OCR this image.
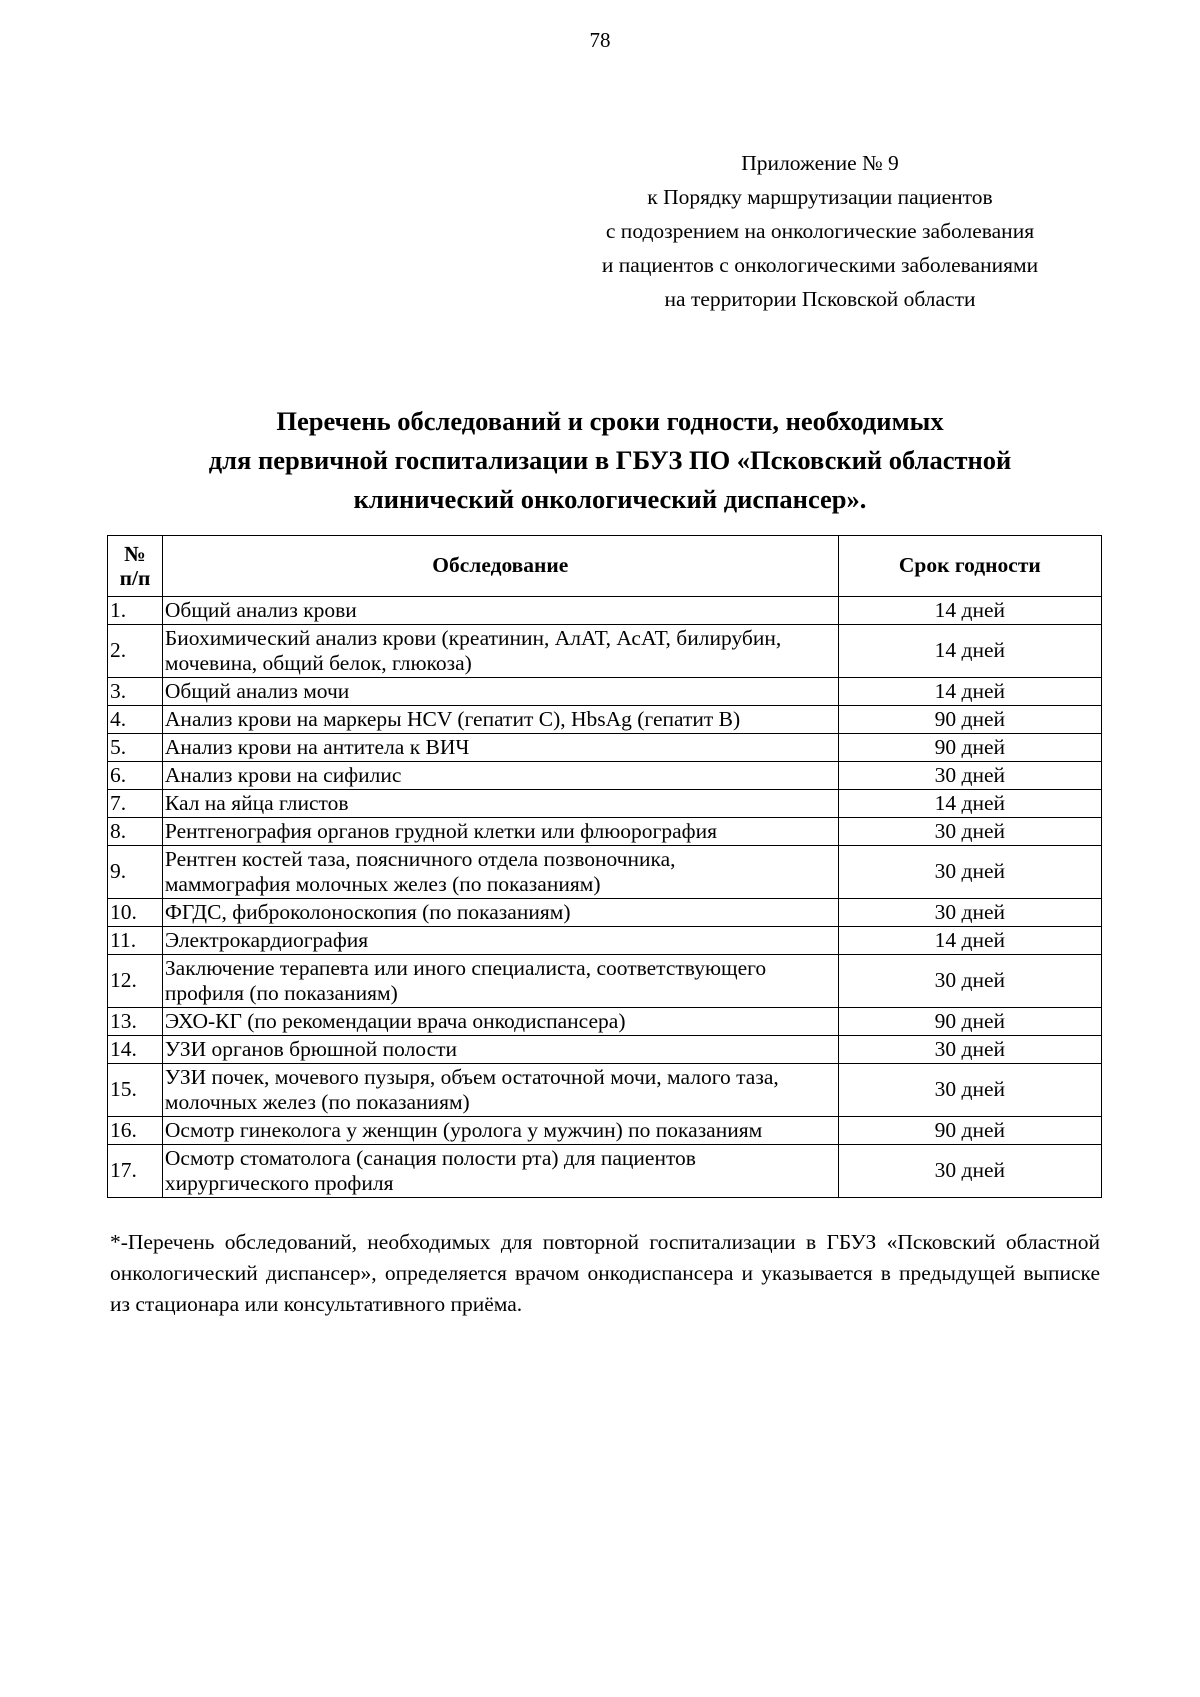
78
Приложение № 9
к Порядку маршрутизации пациентов
с подозрением на онкологические заболевания
и пациентов с онкологическими заболеваниями
на территории Псковской области
Перечень обследований и сроки годности, необходимых
для первичной госпитализации в ГБУЗ ПО «Псковский областной
клинический онкологический диспансер».
№
п/п	Обследование	Срок годности
1.	Общий анализ крови	14 дней
2.	Биохимический анализ крови (креатинин, АлАТ, АсАТ, билирубин,
мочевина, общий белок, глюкоза)	14 дней
3.	Общий анализ мочи	14 дней
4.	Анализ крови на маркеры HCV (гепатит С), HbsAg (гепатит В)	90 дней
5.	Анализ крови на антитела к ВИЧ	90 дней
6.	Анализ крови на сифилис	30 дней
7.	Кал на яйца глистов	14 дней
8.	Рентгенография органов грудной клетки или флюорография	30 дней
9.	Рентген костей таза, поясничного отдела позвоночника,
маммография молочных желез (по показаниям)	30 дней
10.	ФГДС, фиброколоноскопия (по показаниям)	30 дней
11.	Электрокардиография	14 дней
12.	Заключение терапевта или иного специалиста, соответствующего
профиля (по показаниям)	30 дней
13.	ЭХО-КГ (по рекомендации врача онкодиспансера)	90 дней
14.	УЗИ органов брюшной полости	30 дней
15.	УЗИ почек, мочевого пузыря, объем остаточной мочи, малого таза,
молочных желез (по показаниям)	30 дней
16.	Осмотр гинеколога у женщин (уролога у мужчин) по показаниям	90 дней
17.	Осмотр стоматолога (санация полости рта) для пациентов
хирургического профиля	30 дней
*-Перечень обследований, необходимых для повторной госпитализации в ГБУЗ «Псковский областной онкологический диспансер», определяется врачом онкодиспансера и указывается в предыдущей выписке из стационара или консультативного приёма.
